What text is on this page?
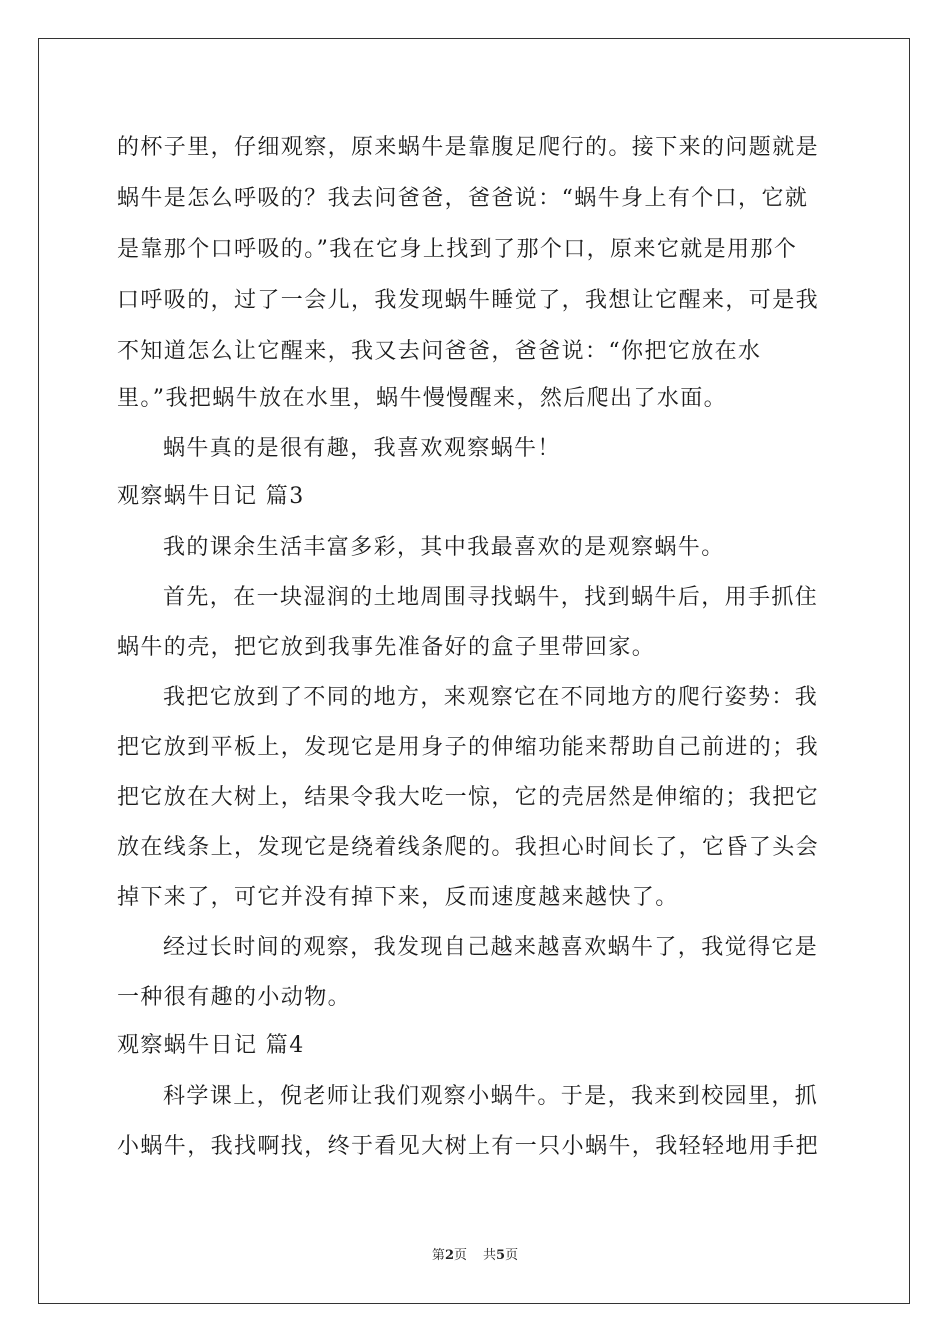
的杯子里，仔细观察，原来蜗牛是靠腹足爬行的。接下来的问题就是
蜗牛是怎么呼吸的？我去问爸爸，爸爸说：“蜗牛身上有个口，它就
是靠那个口呼吸的。”我在它身上找到了那个口，原来它就是用那个
口呼吸的，过了一会儿，我发现蜗牛睡觉了，我想让它醒来，可是我
不知道怎么让它醒来，我又去问爸爸，爸爸说：“你把它放在水
里。”我把蜗牛放在水里，蜗牛慢慢醒来，然后爬出了水面。
蜗牛真的是很有趣，我喜欢观察蜗牛！
观察蜗牛日记 篇3
我的课余生活丰富多彩，其中我最喜欢的是观察蜗牛。
首先，在一块湿润的土地周围寻找蜗牛，找到蜗牛后，用手抓住
蜗牛的壳，把它放到我事先准备好的盒子里带回家。
我把它放到了不同的地方，来观察它在不同地方的爬行姿势：我
把它放到平板上，发现它是用身子的伸缩功能来帮助自己前进的；我
把它放在大树上，结果令我大吃一惊，它的壳居然是伸缩的；我把它
放在线条上，发现它是绕着线条爬的。我担心时间长了，它昏了头会
掉下来了，可它并没有掉下来，反而速度越来越快了。
经过长时间的观察，我发现自己越来越喜欢蜗牛了，我觉得它是
一种很有趣的小动物。
观察蜗牛日记 篇4
科学课上，倪老师让我们观察小蜗牛。于是，我来到校园里，抓
小蜗牛，我找啊找，终于看见大树上有一只小蜗牛，我轻轻地用手把
第2页 共5页
